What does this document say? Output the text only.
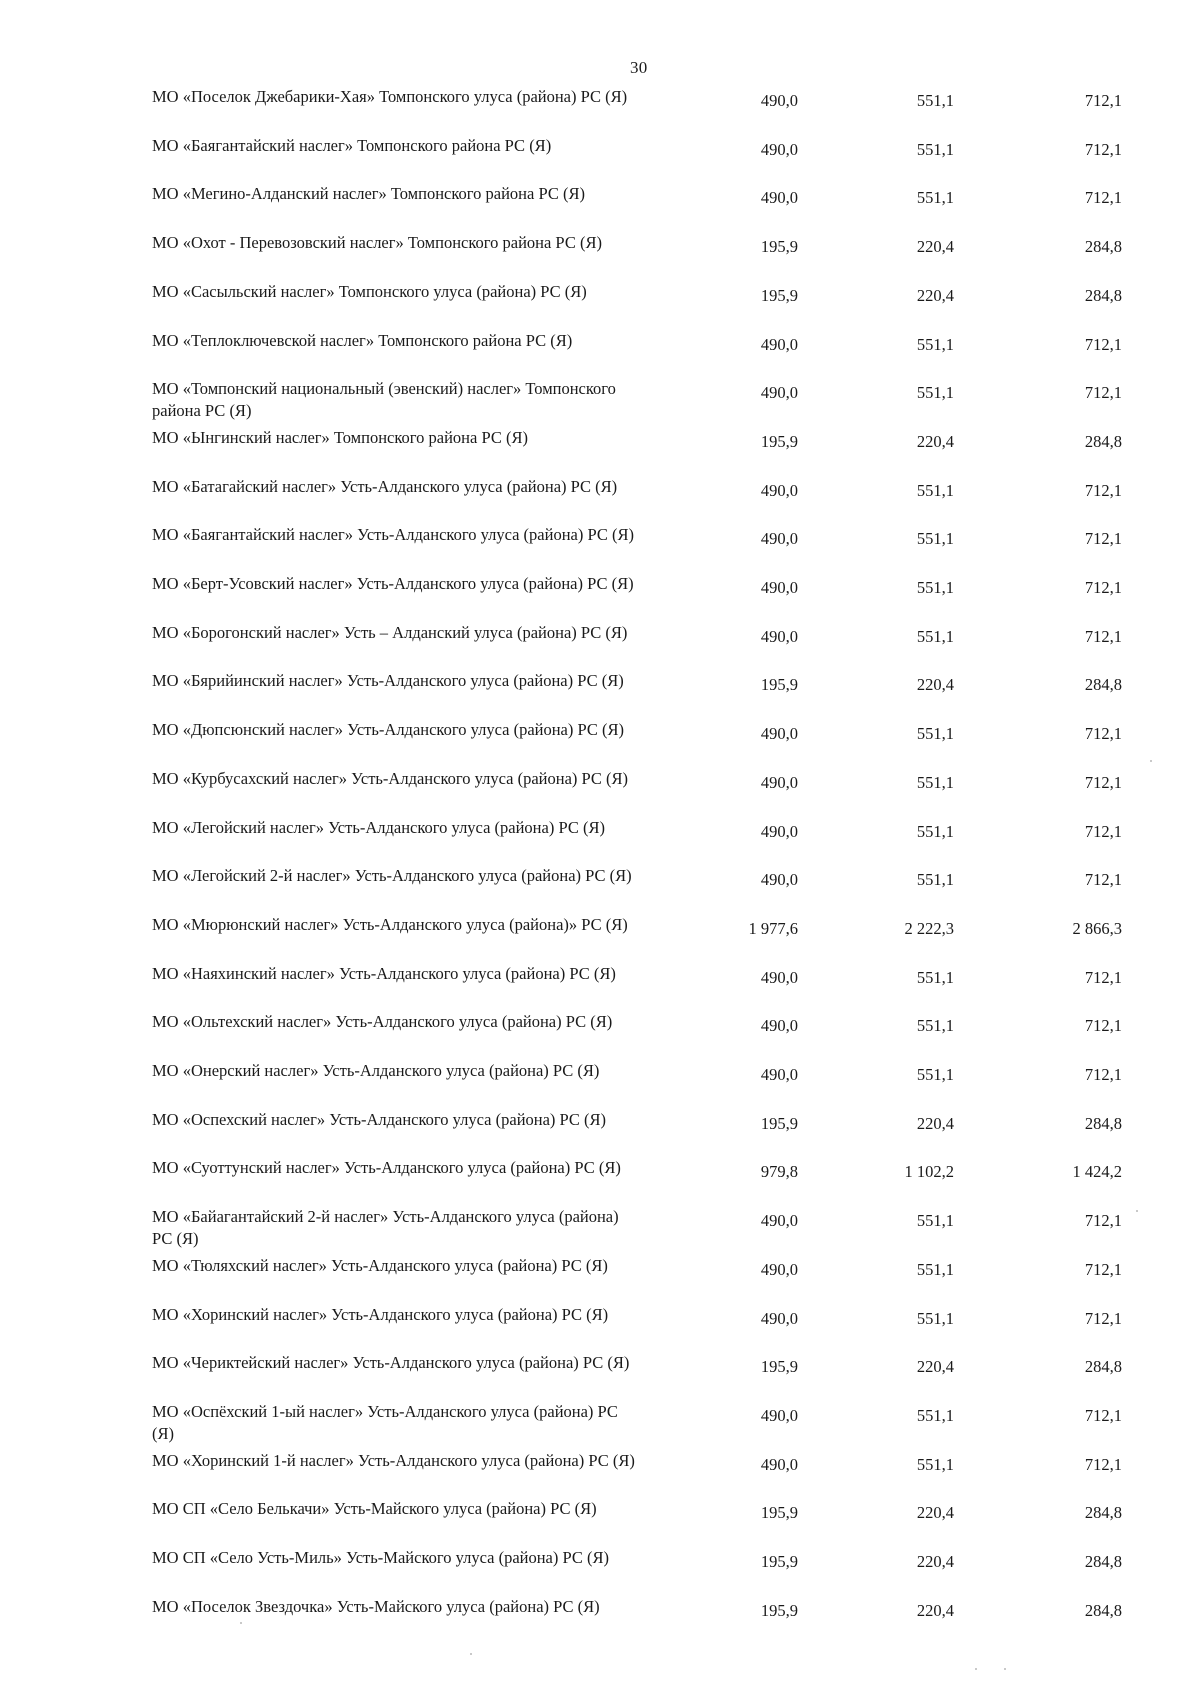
30
МО «Поселок Джебарики-Хая» Томпонского улуса (района) РС (Я)	490,0	551,1	712,1
МО «Баягантайский наслег» Томпонского района РС (Я)	490,0	551,1	712,1
МО «Мегино-Алданский наслег» Томпонского района РС (Я)	490,0	551,1	712,1
МО «Охот - Перевозовский наслег» Томпонского района РС (Я)	195,9	220,4	284,8
МО «Сасыльский наслег» Томпонского улуса (района) РС (Я)	195,9	220,4	284,8
МО «Теплоключевской наслег» Томпонского района РС (Я)	490,0	551,1	712,1
МО «Томпонский национальный (эвенский) наслег» Томпонского района РС (Я)
490,0	551,1	712,1
МО «Ынгинский наслег» Томпонского района РС (Я)	195,9	220,4	284,8
МО «Батагайский наслег» Усть-Алданского улуса (района) РС (Я)	490,0	551,1	712,1
МО «Баягантайский наслег» Усть-Алданского улуса (района) РС (Я)	490,0	551,1	712,1
МО «Берт-Усовский наслег» Усть-Алданского улуса (района) РС (Я)	490,0	551,1	712,1
МО «Борогонский наслег» Усть – Алданский улуса (района) РС (Я)	490,0	551,1	712,1
МО «Бярийинский наслег» Усть-Алданского улуса (района) РС (Я)	195,9	220,4	284,8
МО «Дюпсюнский наслег» Усть-Алданского улуса (района) РС (Я)	490,0	551,1	712,1
МО «Курбусахский наслег» Усть-Алданского улуса (района) РС (Я)	490,0	551,1	712,1
МО «Легойский наслег» Усть-Алданского улуса (района) РС (Я)	490,0	551,1	712,1
МО «Легойский 2-й наслег» Усть-Алданского улуса (района) РС (Я)	490,0	551,1	712,1
МО «Мюрюнский наслег» Усть-Алданского улуса (района)» РС (Я)	1 977,6	2 222,3	2 866,3
МО «Наяхинский наслег» Усть-Алданского улуса (района) РС (Я)	490,0	551,1	712,1
МО «Ольтехский наслег» Усть-Алданского улуса (района) РС (Я)	490,0	551,1	712,1
МО «Онерский наслег» Усть-Алданского улуса (района) РС (Я)	490,0	551,1	712,1
МО «Оспехский наслег» Усть-Алданского улуса (района) РС (Я)	195,9	220,4	284,8
МО «Суоттунский наслег» Усть-Алданского улуса (района) РС (Я)	979,8	1 102,2	1 424,2
МО «Байагантайский 2-й наслег» Усть-Алданского улуса (района) РС (Я)
490,0	551,1	712,1
МО «Тюляхский наслег» Усть-Алданского улуса (района) РС (Я)	490,0	551,1	712,1
МО «Хоринский наслег» Усть-Алданского улуса (района) РС (Я)	490,0	551,1	712,1
МО «Чериктейский наслег» Усть-Алданского улуса (района) РС (Я)	195,9	220,4	284,8
МО «Оспёхский 1-ый наслег» Усть-Алданского улуса (района) РС (Я)
490,0	551,1	712,1
МО «Хоринский 1-й наслег» Усть-Алданского улуса (района) РС (Я)	490,0	551,1	712,1
МО СП «Село Белькачи» Усть-Майского улуса (района) РС (Я)	195,9	220,4	284,8
МО СП «Село Усть-Миль» Усть-Майского улуса (района) РС (Я)	195,9	220,4	284,8
МО «Поселок Звездочка» Усть-Майского улуса (района) РС (Я)	195,9	220,4	284,8
